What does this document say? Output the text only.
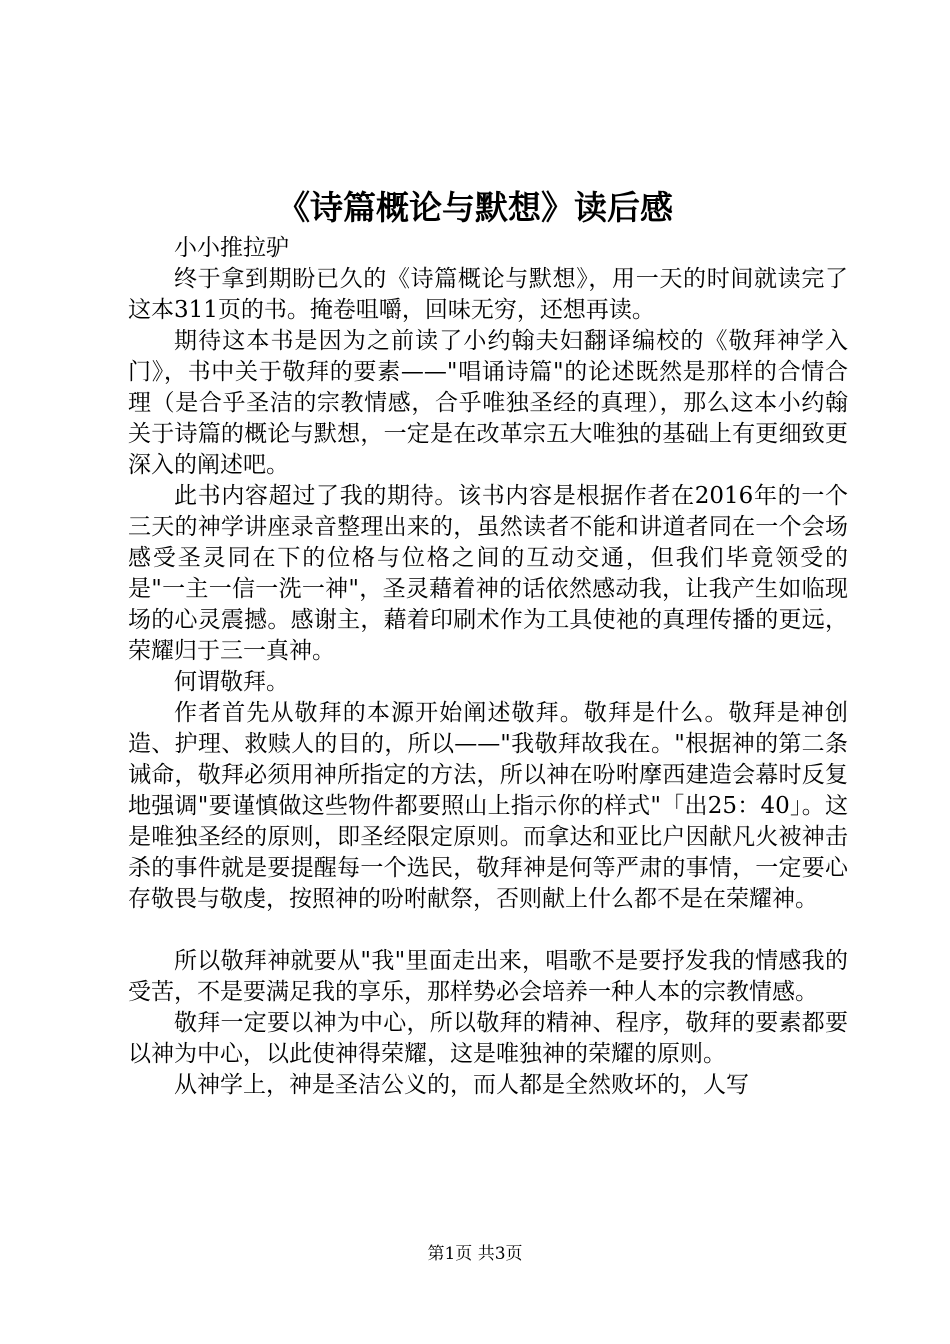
《诗篇概论与默想》读后感

小小推拉驴

终于拿到期盼已久的《诗篇概论与默想》，用一天的时间就读完了这本311页的书。掩卷咀嚼，回味无穷，还想再读。

期待这本书是因为之前读了小约翰夫妇翻译编校的《敬拜神学入门》，书中关于敬拜的要素——"唱诵诗篇"的论述既然是那样的合情合理（是合乎圣洁的宗教情感，合乎唯独圣经的真理），那么这本小约翰关于诗篇的概论与默想，一定是在改革宗五大唯独的基础上有更细致更深入的阐述吧。

此书内容超过了我的期待。该书内容是根据作者在2016年的一个三天的神学讲座录音整理出来的，虽然读者不能和讲道者同在一个会场感受圣灵同在下的位格与位格之间的互动交通，但我们毕竟领受的是"一主一信一洗一神"，圣灵藉着神的话依然感动我，让我产生如临现场的心灵震撼。感谢主，藉着印刷术作为工具使祂的真理传播的更远，荣耀归于三一真神。

何谓敬拜。

作者首先从敬拜的本源开始阐述敬拜。敬拜是什么。敬拜是神创造、护理、救赎人的目的，所以——"我敬拜故我在。"根据神的第二条诫命，敬拜必须用神所指定的方法，所以神在吩咐摩西建造会幕时反复地强调"要谨慎做这些物件都要照山上指示你的样式"「出25：40」。这是唯独圣经的原则，即圣经限定原则。而拿达和亚比户因献凡火被神击杀的事件就是要提醒每一个选民，敬拜神是何等严肃的事情，一定要心存敬畏与敬虔，按照神的吩咐献祭，否则献上什么都不是在荣耀神。

所以敬拜神就要从"我"里面走出来，唱歌不是要抒发我的情感我的受苦，不是要满足我的享乐，那样势必会培养一种人本的宗教情感。

敬拜一定要以神为中心，所以敬拜的精神、程序，敬拜的要素都要以神为中心，以此使神得荣耀，这是唯独神的荣耀的原则。

从神学上，神是圣洁公义的，而人都是全然败坏的，人写

第1页 共3页
